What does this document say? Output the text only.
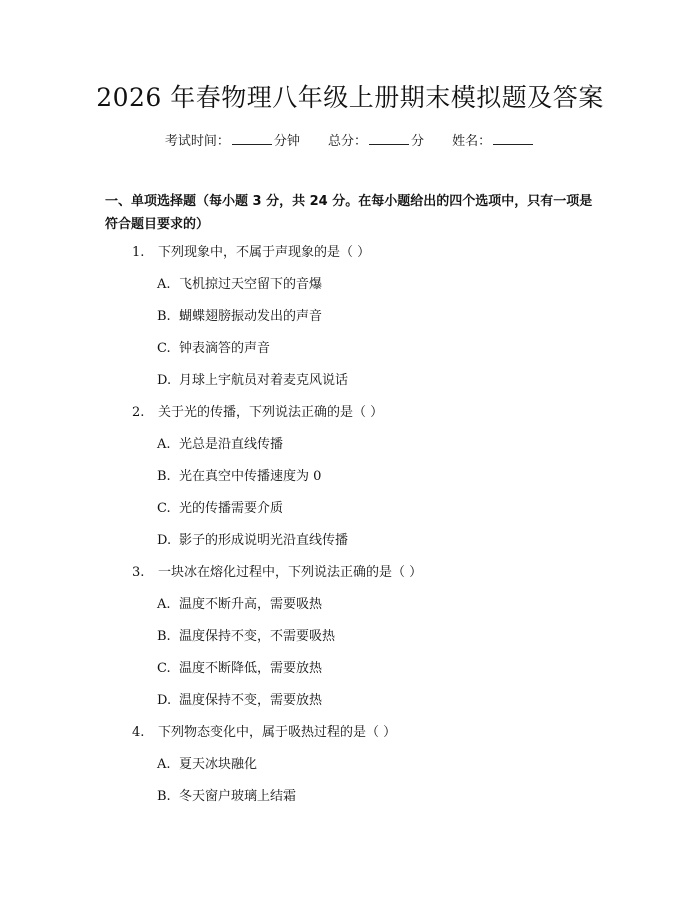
2026 年春物理八年级上册期末模拟题及答案
考试时间：	分钟 总分：	分 姓名：
一、单项选择题（每小题 3 分，共 24 分。在每小题给出的四个选项中，只有一项是符合题目要求的）
1. 下列现象中，不属于声现象的是（ ）
A. 飞机掠过天空留下的音爆
B. 蝴蝶翅膀振动发出的声音
C. 钟表滴答的声音
D. 月球上宇航员对着麦克风说话
2. 关于光的传播，下列说法正确的是（ ）
A. 光总是沿直线传播
B. 光在真空中传播速度为 0
C. 光的传播需要介质
D. 影子的形成说明光沿直线传播
3. 一块冰在熔化过程中，下列说法正确的是（ ）
A. 温度不断升高，需要吸热
B. 温度保持不变，不需要吸热
C. 温度不断降低，需要放热
D. 温度保持不变，需要放热
4. 下列物态变化中，属于吸热过程的是（ ）
A. 夏天冰块融化
B. 冬天窗户玻璃上结霜
